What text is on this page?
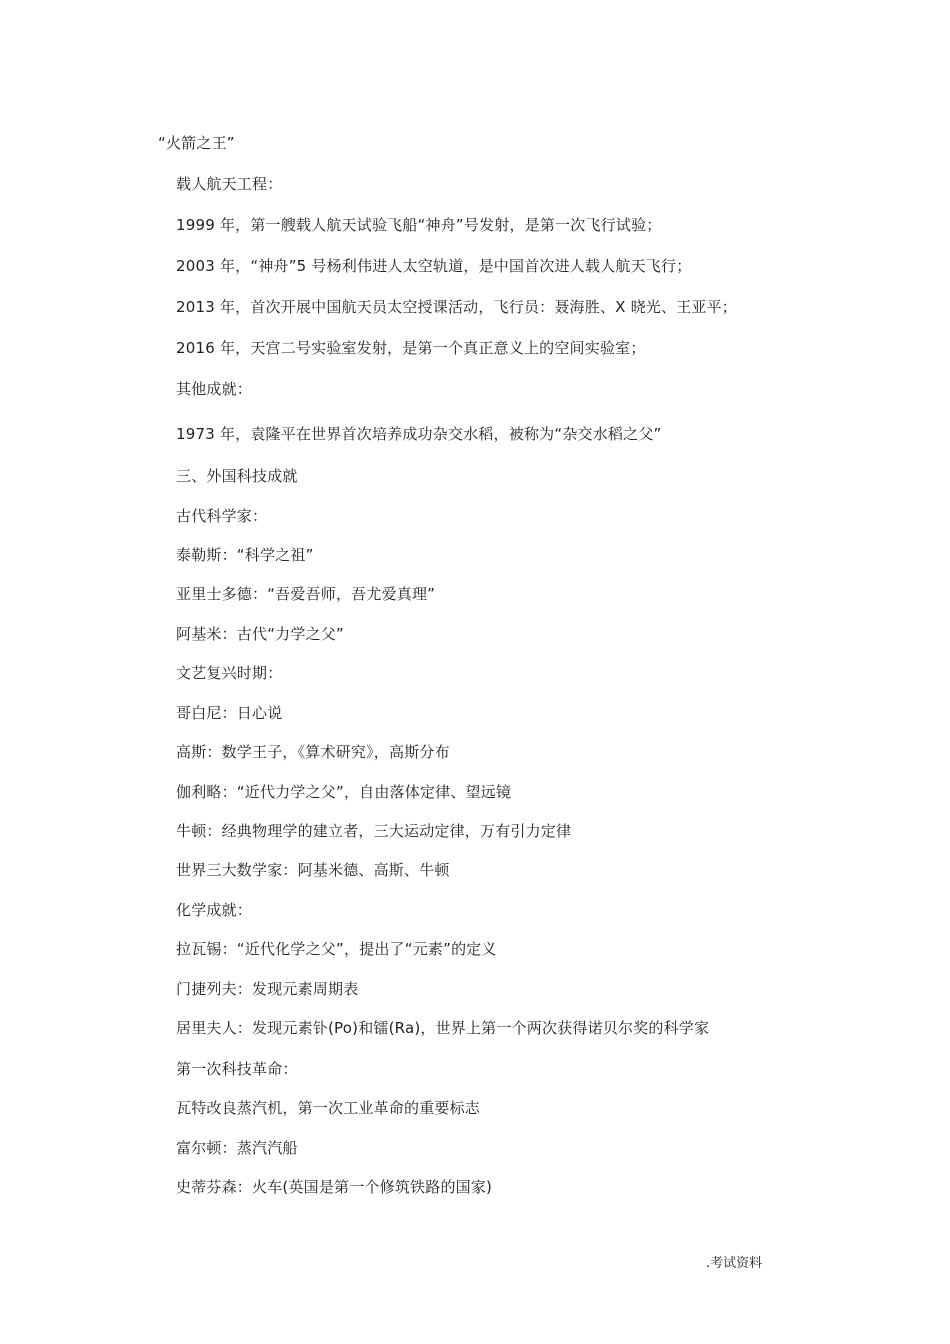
“火箭之王”
载人航天工程：
1999 年，第一艘载人航天试验飞船“神舟”号发射，是第一次飞行试验；
2003 年，“神舟”5 号杨利伟进人太空轨道，是中国首次进人载人航天飞行；
2013 年，首次开展中国航天员太空授课活动，飞行员：聂海胜、X 晓光、王亚平；
2016 年，天宫二号实验室发射，是第一个真正意义上的空间实验室；
其他成就：
1973 年，袁隆平在世界首次培养成功杂交水稻，被称为“杂交水稻之父”
三、外国科技成就
古代科学家：
泰勒斯：“科学之祖”
亚里士多德：“吾爱吾师，吾尤爱真理”
阿基米：古代“力学之父”
文艺复兴时期：
哥白尼：日心说
高斯：数学王子，《算术研究》，高斯分布
伽利略：“近代力学之父”，自由落体定律、望远镜
牛顿：经典物理学的建立者，三大运动定律，万有引力定律
世界三大数学家：阿基米德、高斯、牛顿
化学成就：
拉瓦锡：“近代化学之父”，提出了“元素”的定义
门捷列夫：发现元素周期表
居里夫人：发现元素钋(Po)和镭(Ra)，世界上第一个两次获得诺贝尔奖的科学家
第一次科技革命：
瓦特改良蒸汽机，第一次工业革命的重要标志
富尔顿：蒸汽汽船
史蒂芬森：火车(英国是第一个修筑铁路的国家)
.考试资料
